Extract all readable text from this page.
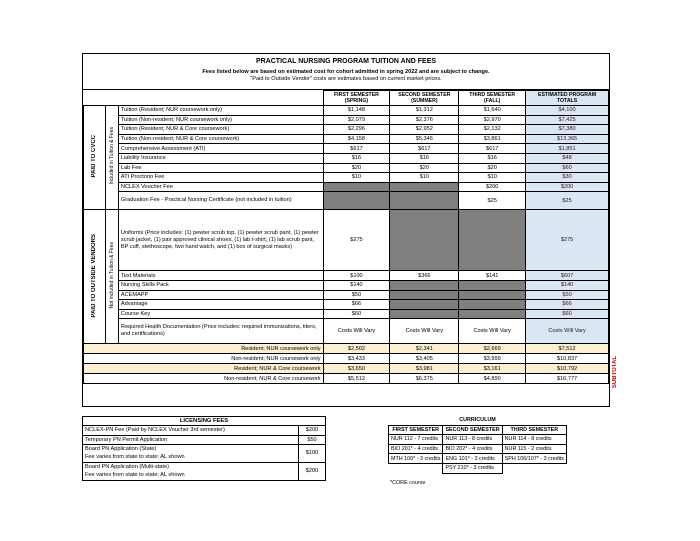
PRACTICAL NURSING PROGRAM TUITION AND FEES
Fees listed below are based on estimated cost for cohort admitted in spring 2022 and are subject to change.
"Paid to Outside Vendor" costs are estimates based on current market prices.
			FIRST SEMESTER (SPRING)	SECOND SEMESTER (SUMMER)	THIRD SEMESTER (FALL)	ESTIMATED PROGRAM TOTALS
PAID TO CVCC	Included in Tuition & Fees	Tuition (Resident; NUR coursework only)	$1,148	$1,312	$1,640	$4,100
		Tuition (Non-resident; NUR coursework only)	$2,079	$2,376	$2,970	$7,425
		Tuition (Resident; NUR & Core coursework)	$2,296	$2,952	$2,132	$7,380
		Tuition (Non-resident; NUR & Core coursework)	$4,158	$5,346	$3,861	$13,365
		Comprehensive Assessment (ATI)	$617	$617	$617	$1,851
		Liability Insurance	$16	$16	$16	$48
		Lab Fee	$20	$20	$20	$60
		ATI Proctorio Fee	$10	$10	$10	$30
		NCLEX Voucher Fee			$200	$200
		Graduation Fee - Practical Nursing Certificate (not included in tuition)			$25	$25
PAID TO OUTSIDE VENDORS	Not included in Tuition & Fees	Uniforms (Price includes: (1) pewter scrub top, (1) pewter scrub pant, (1) pewter scrub jacket, (1) pair approved clinical shoes, (1) lab t-shirt, (1) lab scrub pant, BP cuff, stethoscope, two hand watch, and (1) box of surgical masks)	$275			$275
		Text Materials	$100	$366	$141	$607
		Nursing Skills Pack	$140			$140
		ACEMAPP	$50			$50
		Advantage	$66			$66
		Course Key	$60			$60
		Required Health Documentation (Price includes: required immunizations, titers, and certifications)	Costs Will Vary	Costs Will Vary	Costs Will Vary	Costs Will Vary
Resident; NUR coursework only			$2,502	$2,341	$2,669	$7,512
Non-resident; NUR coursework only			$3,433	$3,405	$3,999	$10,837
Resident; NUR & Core coursework			$3,650	$3,981	$3,161	$10,792
Non-resident; NUR & Core coursework			$5,512	$6,375	$4,890	$16,777	SUBTOTAL
LICENSING FEES	
NCLEX-PN Fee (Paid by NCLEX Voucher 3rd semester)	$200
Temporary PN Permit Application	$50

Board PN Application (State)
Fee varies from state to state; AL shown	$100

Board PN Application (Multi-state)
Fee varies from state to state; AL shown	$200
CURRICULUM		
FIRST SEMESTER	SECOND SEMESTER	THIRD SEMESTER
NUR 112 - 7 credits	NUR 113 - 8 credits	NUR 114 - 8 credits
BIO 201* - 4 credits	BIO 202* - 4 credits	NUR 115 - 2 credits
MTH 100* - 3 credits	ENG 101* - 3 credits	SPH 106/107* - 3 credits
	PSY 210* - 3 credits	
*CORE course
